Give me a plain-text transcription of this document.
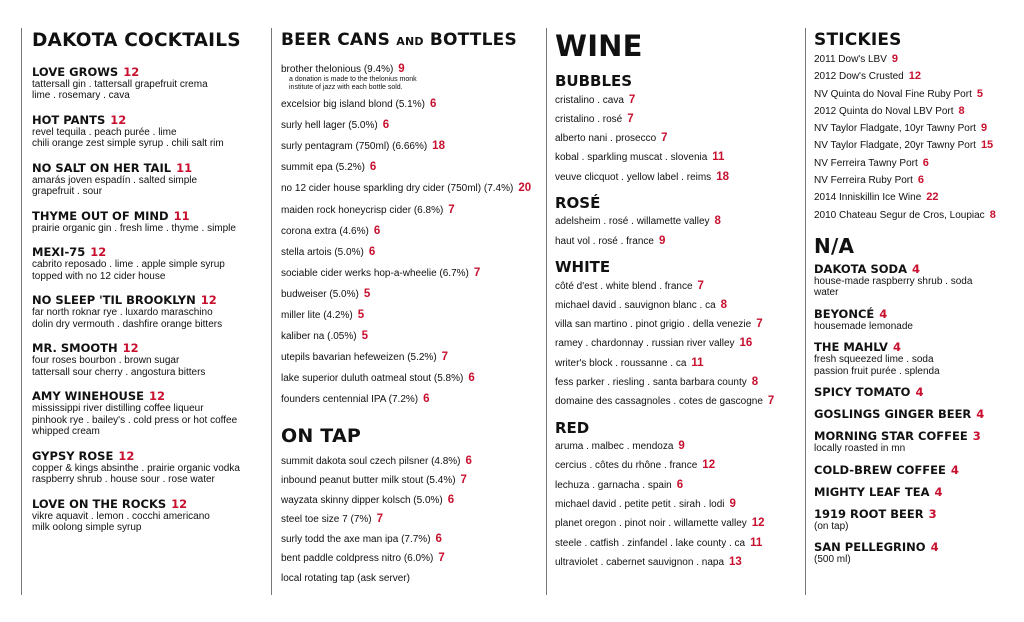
DAKOTA COCKTAILS
LOVE GROWS 12
tattersall gin . tattersall grapefruit crema
lime . rosemary . cava
HOT PANTS 12
revel tequila . peach purée . lime
chili orange zest simple syrup . chili salt rim
NO SALT ON HER TAIL 11
amarás joven espadín . salted simple
grapefruit . sour
THYME OUT OF MIND 11
prairie organic gin . fresh lime . thyme . simple
MEXI-75 12
cabrito reposado . lime . apple simple syrup
topped with no 12 cider house
NO SLEEP 'TIL BROOKLYN 12
far north roknar rye . luxardo maraschino
dolin dry vermouth . dashfire orange bitters
MR. SMOOTH 12
four roses bourbon . brown sugar
tattersall sour cherry . angostura bitters
AMY WINEHOUSE 12
mississippi river distilling coffee liqueur
pinhook rye . bailey's . cold press or hot coffee
whipped cream
GYPSY ROSE 12
copper & kings absinthe . prairie organic vodka
raspberry shrub . house sour . rose water
LOVE ON THE ROCKS 12
vikre aquavit . lemon . cocchi americano
milk oolong simple syrup
BEER CANS AND BOTTLES
brother thelonious (9.4%) 9
a donation is made to the thelonius monk
institute of jazz with each bottle sold.
excelsior big island blond (5.1%) 6
surly hell lager (5.0%) 6
surly pentagram (750ml) (6.66%) 18
summit epa (5.2%) 6
no 12 cider house sparkling dry cider (750ml) (7.4%) 20
maiden rock honeycrisp cider (6.8%) 7
corona extra (4.6%) 6
stella artois (5.0%) 6
sociable cider werks hop-a-wheelie (6.7%) 7
budweiser (5.0%) 5
miller lite (4.2%) 5
kaliber na (.05%) 5
utepils bavarian hefeweizen (5.2%) 7
lake superior duluth oatmeal stout (5.8%) 6
founders centennial IPA (7.2%) 6
ON TAP
summit dakota soul czech pilsner (4.8%) 6
inbound peanut butter milk stout (5.4%) 7
wayzata skinny dipper kolsch (5.0%) 6
steel toe size 7 (7%) 7
surly todd the axe man ipa (7.7%) 6
bent paddle coldpress nitro (6.0%) 7
local rotating tap (ask server)
WINE
BUBBLES
cristalino . cava 7
cristalino . rosé 7
alberto nani . prosecco 7
kobal . sparkling muscat . slovenia 11
veuve clicquot . yellow label . reims 18
ROSÉ
adelsheim . rosé . willamette valley 8
haut vol . rosé . france 9
WHITE
côté d'est . white blend . france 7
michael david . sauvignon blanc . ca 8
villa san martino . pinot grigio . della venezie 7
ramey . chardonnay . russian river valley 16
writer's block . roussanne . ca 11
fess parker . riesling . santa barbara county 8
domaine des cassagnoles . cotes de gascogne 7
RED
aruma . malbec . mendoza 9
cercius . côtes du rhône . france 12
lechuza . garnacha . spain 6
michael david . petite petit . sirah . lodi 9
planet oregon . pinot noir . willamette valley 12
steele . catfish . zinfandel . lake county . ca 11
ultraviolet . cabernet sauvignon . napa 13
STICKIES
2011 Dow's LBV 9
2012 Dow's Crusted 12
NV Quinta do Noval Fine Ruby Port 5
2012 Quinta do Noval LBV Port 8
NV Taylor Fladgate, 10yr Tawny Port 9
NV Taylor Fladgate, 20yr Tawny Port 15
NV Ferreira Tawny Port 6
NV Ferreira Ruby Port 6
2014 Inniskillin Ice Wine 22
2010 Chateau Segur de Cros, Loupiac 8
N/A
DAKOTA SODA 4
house-made raspberry shrub . soda
water
BEYONCÉ 4
housemade lemonade
THE MAHLV 4
fresh squeezed lime . soda
passion fruit purée . splenda
SPICY TOMATO 4
GOSLINGS GINGER BEER 4
MORNING STAR COFFEE 3
locally roasted in mn
COLD-BREW COFFEE 4
MIGHTY LEAF TEA 4
1919 ROOT BEER 3
(on tap)
SAN PELLEGRINO 4
(500 ml)
